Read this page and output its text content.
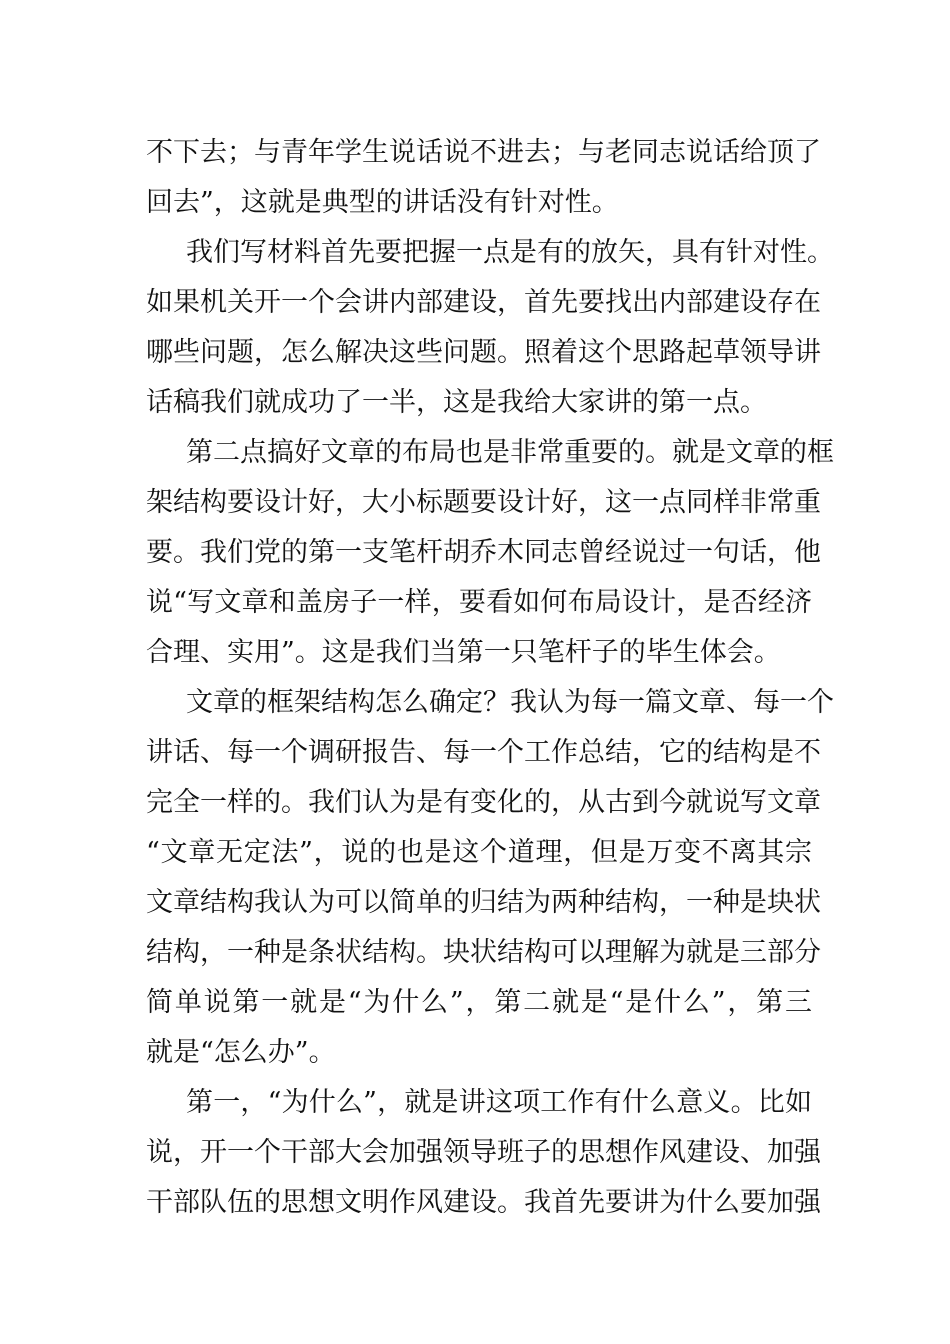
不下去；与青年学生说话说不进去；与老同志说话给顶了
回去”，这就是典型的讲话没有针对性。
我们写材料首先要把握一点是有的放矢，具有针对性。
如果机关开一个会讲内部建设，首先要找出内部建设存在
哪些问题，怎么解决这些问题。照着这个思路起草领导讲
话稿我们就成功了一半，这是我给大家讲的第一点。
第二点搞好文章的布局也是非常重要的。就是文章的框
架结构要设计好，大小标题要设计好，这一点同样非常重
要。我们党的第一支笔杆胡乔木同志曾经说过一句话，他
说“写文章和盖房子一样，要看如何布局设计，是否经济
合理、实用”。这是我们当第一只笔杆子的毕生体会。
文章的框架结构怎么确定？我认为每一篇文章、每一个
讲话、每一个调研报告、每一个工作总结，它的结构是不
完全一样的。我们认为是有变化的，从古到今就说写文章
“文章无定法”，说的也是这个道理，但是万变不离其宗
文章结构我认为可以简单的归结为两种结构，一种是块状
结构，一种是条状结构。块状结构可以理解为就是三部分
简单说第一就是“为什么”，第二就是“是什么”，第三
就是“怎么办”。
第一，“为什么”，就是讲这项工作有什么意义。比如
说，开一个干部大会加强领导班子的思想作风建设、加强
干部队伍的思想文明作风建设。我首先要讲为什么要加强
